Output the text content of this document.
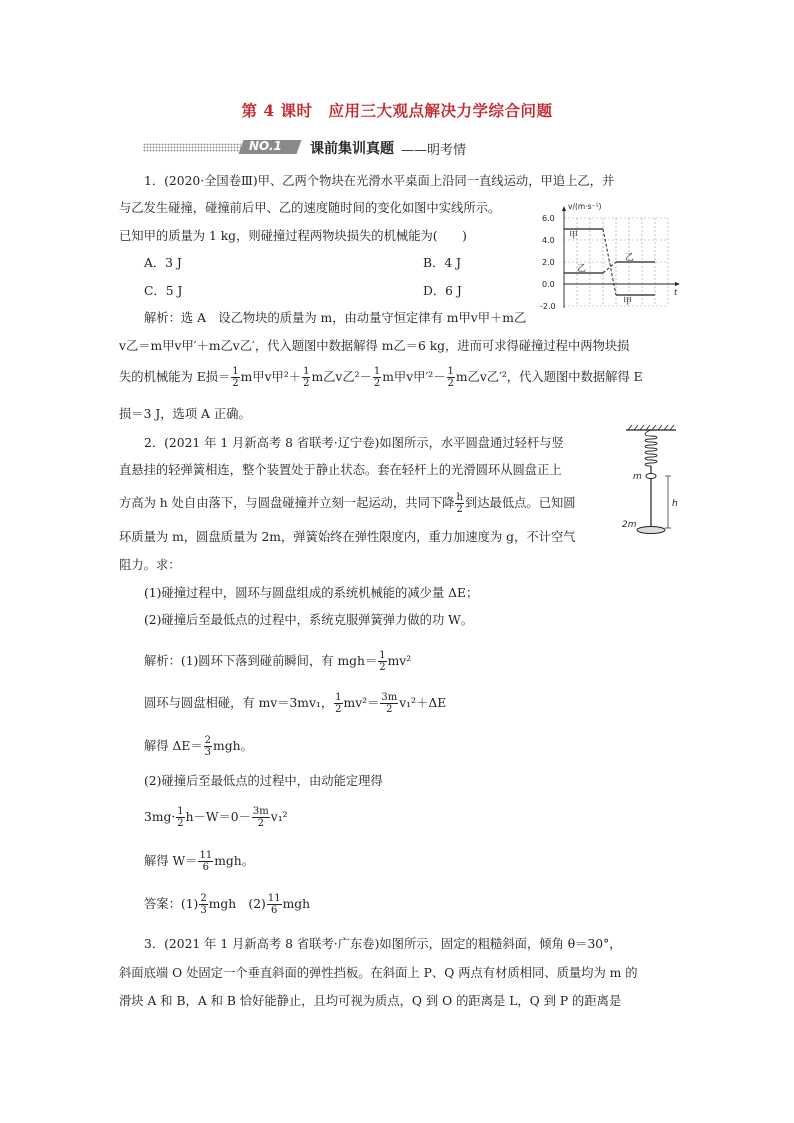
第 4 课时　应用三大观点解决力学综合问题
NO.1 课前集训真题 ——明考情
1．(2020·全国卷Ⅲ)甲、乙两个物块在光滑水平桌面上沿同一直线运动，甲追上乙，并
与乙发生碰撞，碰撞前后甲、乙的速度随时间的变化如图中实线所示。
已知甲的质量为 1 kg，则碰撞过程两物块损失的机械能为(　　)
A．3 J	B．4 J
C．5 J	D．6 J
v/(m·s⁻¹)
t
6.0
4.0
2.0
0.0
-2.0
甲
乙
乙
甲
解析：选 A　设乙物块的质量为 m，由动量守恒定律有 m甲v甲＋m乙
v乙＝m甲v甲′＋m乙v乙′，代入题图中数据解得 m乙＝6 kg，进而可求得碰撞过程中两物块损
失的机械能为 E损＝ $\frac{1}{2}$ m甲v甲$^2+ \frac{1}{2}$ m乙v乙$^2- \frac{1}{2}$ m甲v甲$'^2- \frac{1}{2}$ m乙v乙′²，代入题图中数据解得 E
损＝3 J，选项 A 正确。
2．(2021 年 1 月新高考 8 省联考·辽宁卷)如图所示，水平圆盘通过轻杆与竖
直悬挂的轻弹簧相连，整个装置处于静止状态。套在轻杆上的光滑圆环从圆盘正上
方高为 h 处自由落下，与圆盘碰撞并立刻一起运动，共同下降 $\frac{h}{2}$ 到达最低点。已知圆
环质量为 m，圆盘质量为 2m，弹簧始终在弹性限度内，重力加速度为 g，不计空气
阻力。求：
m
2m
h
(1)碰撞过程中，圆环与圆盘组成的系统机械能的减少量 ΔE；
(2)碰撞后至最低点的过程中，系统克服弹簧弹力做的功 W。
解析：(1)圆环下落到碰前瞬间，有 $mgh= \frac{1}{2} mv^2$
圆环与圆盘相碰，有 mv＝3mv₁， $\frac{1}{2} mv^2= \frac{3m}{2} v_1^2+\Delta E$
解得 $\Delta E= \frac{2}{3}$ mgh。
(2)碰撞后至最低点的过程中，由动能定理得
$3mg\cdot \frac{1}{2} h-W=0- \frac{3m}{2} v_1^2$
解得 $W= \frac{11}{6}$ mgh。
答案：$(1) \frac{2}{3}$ mgh　$(2) \frac{11}{6}$ mgh
3．(2021 年 1 月新高考 8 省联考·广东卷)如图所示，固定的粗糙斜面，倾角 θ＝30°，
斜面底端 O 处固定一个垂直斜面的弹性挡板。在斜面上 P、Q 两点有材质相同、质量均为 m 的
滑块 A 和 B，A 和 B 恰好能静止，且均可视为质点，Q 到 O 的距离是 L，Q 到 P 的距离是
